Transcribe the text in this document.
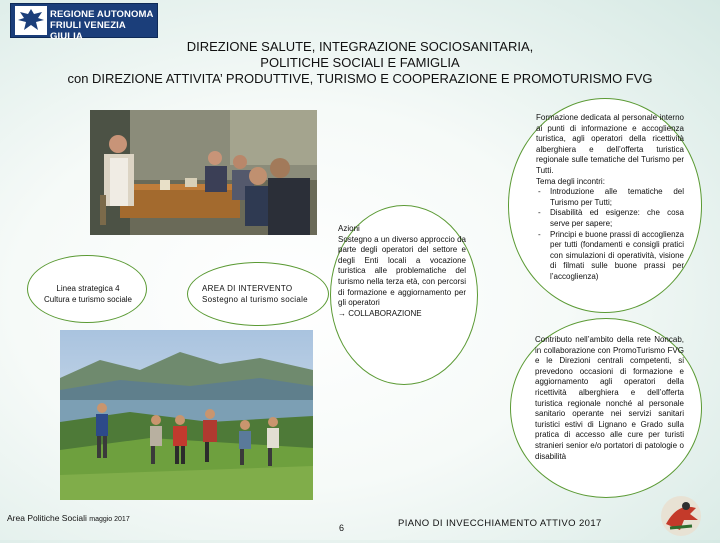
REGIONE AUTONOMA
FRIULI VENEZIA GIULIA
DIREZIONE SALUTE, INTEGRAZIONE SOCIOSANITARIA,
POLITICHE SOCIALI E FAMIGLIA
con DIREZIONE ATTIVITA’ PRODUTTIVE, TURISMO E COOPERAZIONE E PROMOTURISMO FVG
Linea strategica 4
Cultura e turismo sociale
AREA DI INTERVENTO
Sostegno al turismo sociale
Azioni
Sostegno a un diverso approccio da parte degli operatori del settore e degli Enti locali a vocazione turistica alle problematiche del turismo nella terza età, con percorsi di formazione e aggiornamento per gli operatori
→ COLLABORAZIONE
Formazione dedicata al personale interno ai punti di informazione e accoglienza turistica, agli operatori della ricettività alberghiera e dell’offerta turistica regionale sulle tematiche del Turismo per Tutti.
Tema degli incontri:
- Introduzione alle tematiche del Turismo per Tutti;
- Disabilità ed esigenze: che cosa serve per sapere;
- Principi e buone prassi di accoglienza per tutti (fondamenti e consigli pratici con simulazioni di operatività, visione di filmati sulle buone prassi per l’accoglienza)
Contributo nell’ambito della rete Noncab, in collaborazione con PromoTurismo FVG e le Direzioni centrali competenti, si prevedono occasioni di formazione e aggiornamento agli operatori della ricettività alberghiera e dell’offerta turistica regionale nonché al personale sanitario operante nei servizi sanitari turistici estivi di Lignano e Grado sulla pratica di accesso alle cure per turisti stranieri senior e/o portatori di patologie o disabilità
Area Politiche Sociali maggio 2017
6	PIANO DI INVECCHIAMENTO ATTIVO 2017
